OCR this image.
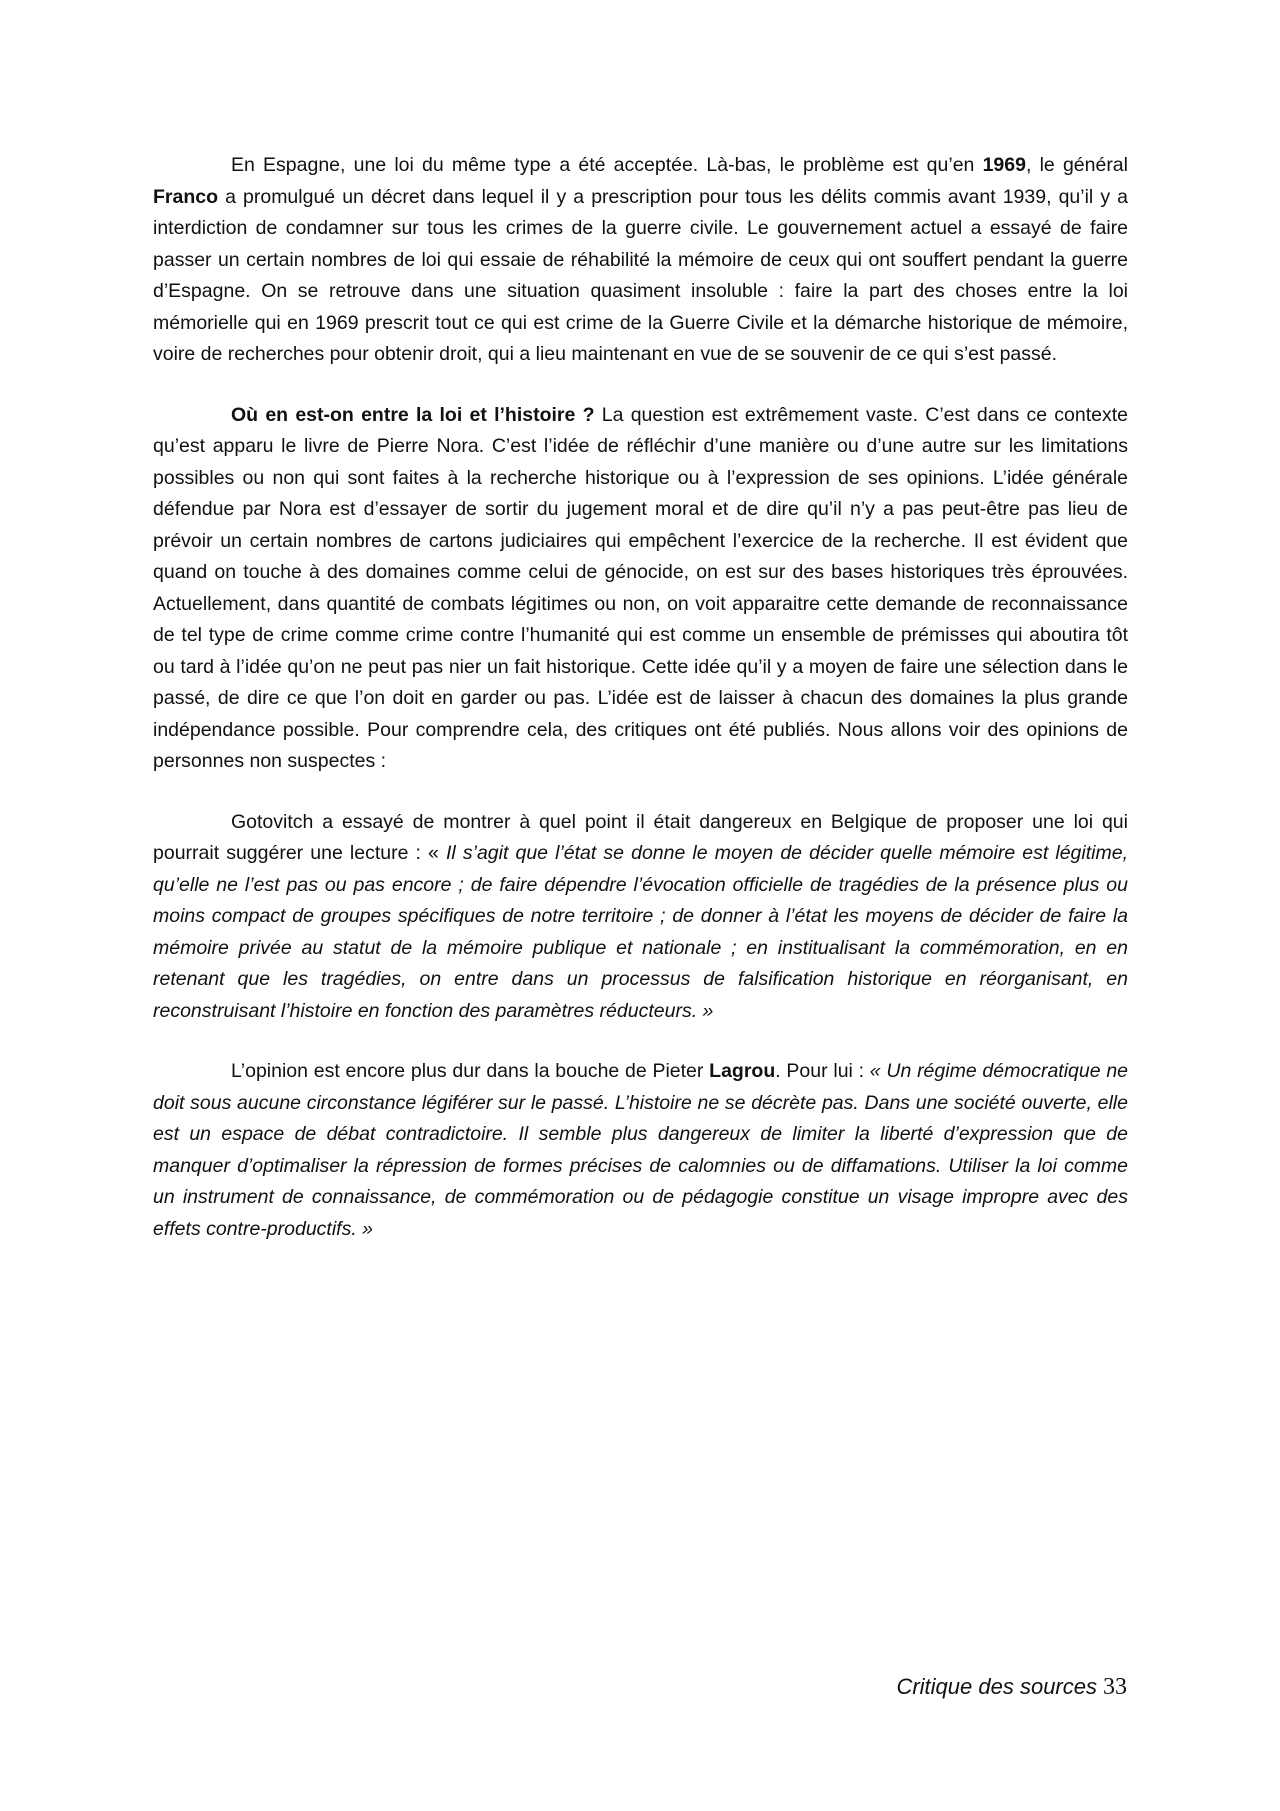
En Espagne, une loi du même type a été acceptée. Là-bas, le problème est qu’en 1969, le général Franco a promulgué un décret dans lequel il y a prescription pour tous les délits commis avant 1939, qu’il y a interdiction de condamner sur tous les crimes de la guerre civile. Le gouvernement actuel a essayé de faire passer un certain nombres de loi qui essaie de réhabilité la mémoire de ceux qui ont souffert pendant la guerre d’Espagne. On se retrouve dans une situation quasiment insoluble : faire la part des choses entre la loi mémorielle qui en 1969 prescrit tout ce qui est crime de la Guerre Civile et la démarche historique de mémoire, voire de recherches pour obtenir droit, qui a lieu maintenant en vue de se souvenir de ce qui s’est passé.

Où en est-on entre la loi et l’histoire ? La question est extrêmement vaste. C’est dans ce contexte qu’est apparu le livre de Pierre Nora. C’est l’idée de réfléchir d’une manière ou d’une autre sur les limitations possibles ou non qui sont faites à la recherche historique ou à l’expression de ses opinions. L’idée générale défendue par Nora est d’essayer de sortir du jugement moral et de dire qu’il n’y a pas peut-être pas lieu de prévoir un certain nombres de cartons judiciaires qui empêchent l’exercice de la recherche. Il est évident que quand on touche à des domaines comme celui de génocide, on est sur des bases historiques très éprouvées. Actuellement, dans quantité de combats légitimes ou non, on voit apparaitre cette demande de reconnaissance de tel type de crime comme crime contre l’humanité qui est comme un ensemble de prémisses qui aboutira tôt ou tard à l’idée qu’on ne peut pas nier un fait historique. Cette idée qu’il y a moyen de faire une sélection dans le passé, de dire ce que l’on doit en garder ou pas. L’idée est de laisser à chacun des domaines la plus grande indépendance possible. Pour comprendre cela, des critiques ont été publiés. Nous allons voir des opinions de personnes non suspectes :

Gotovitch a essayé de montrer à quel point il était dangereux en Belgique de proposer une loi qui pourrait suggérer une lecture : « Il s’agit que l’état se donne le moyen de décider quelle mémoire est légitime, qu’elle ne l’est pas ou pas encore ; de faire dépendre l’évocation officielle de tragédies de la présence plus ou moins compact de groupes spécifiques de notre territoire ; de donner à l’état les moyens de décider de faire la mémoire privée au statut de la mémoire publique et nationale ; en institualisant la commémoration, en en retenant que les tragédies, on entre dans un processus de falsification historique en réorganisant, en reconstruisant l’histoire en fonction des paramètres réducteurs. »

L’opinion est encore plus dur dans la bouche de Pieter Lagrou. Pour lui : « Un régime démocratique ne doit sous aucune circonstance légiférer sur le passé. L’histoire ne se décrète pas. Dans une société ouverte, elle est un espace de débat contradictoire. Il semble plus dangereux de limiter la liberté d’expression que de manquer d’optimaliser la répression de formes précises de calomnies ou de diffamations. Utiliser la loi comme un instrument de connaissance, de commémoration ou de pédagogie constitue un visage impropre avec des effets contre-productifs. »

Critique des sources 33
